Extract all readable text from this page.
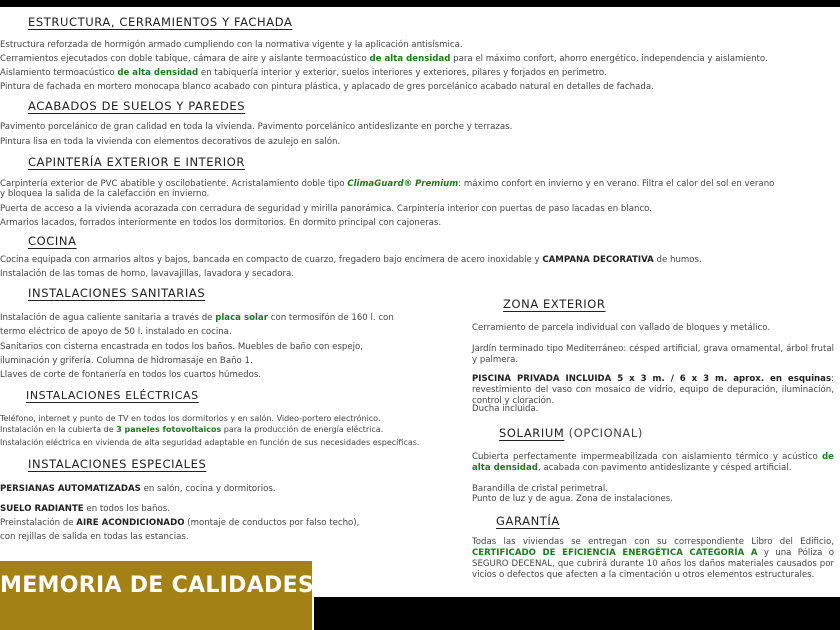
ESTRUCTURA, CERRAMIENTOS Y FACHADA
Estructura reforzada de hormigón armado cumpliendo con la normativa vigente y la aplicación antisísmica.
Cerramientos ejecutados con doble tabique, cámara de aire y aislante termoacústico de alta densidad para el máximo confort, ahorro energético, independencia y aislamiento.
Aislamiento termoacústico de alta densidad en tabiquería interior y exterior, suelos interiores y exteriores, pilares y forjados en perímetro.
Pintura de fachada en mortero monocapa blanco acabado con pintura plástica, y aplacado de gres porcelánico acabado natural en detalles de fachada.
ACABADOS DE SUELOS Y PAREDES
Pavimento porcelánico de gran calidad en toda la vivienda. Pavimento porcelánico antideslizante en porche y terrazas.
Pintura lisa en toda la vivienda con elementos decorativos de azulejo en salón.
CAPINTERÍA EXTERIOR E INTERIOR
Carpintería exterior de PVC abatible y oscilobatiente. Acristalamiento doble tipo ClimaGuard® Premium: máximo confort en invierno y en verano. Filtra el calor del sol en verano
y bloquea la salida de la calefacción en invierno.
Puerta de acceso a la vivienda acorazada con cerradura de seguridad y mirilla panorámica. Carpintería interior con puertas de paso lacadas en blanco.
Armarios lacados, forrados interiormente en todos los dormitorios. En dormito principal con cajoneras.
COCINA
Cocina equipada con armarios altos y bajos, bancada en compacto de cuarzo, fregadero bajo encimera de acero inoxidable y CAMPANA DECORATIVA de humos.
Instalación de las tomas de horno, lavavajillas, lavadora y secadora.
INSTALACIONES SANITARIAS
Instalación de agua caliente sanitaria a través de placa solar con termosifón de 160 l. con
termo eléctrico de apoyo de 50 l. instalado en cocina.
Sanitarios con cisterna encastrada en todos los baños. Muebles de baño con espejo,
iluminación y grifería. Columna de hidromasaje en Baño 1.
Llaves de corte de fontanería en todos los cuartos húmedos.
INSTALACIONES ELÉCTRICAS
Teléfono, internet y punto de TV en todos los dormitorios y en salón. Video-portero electrónico.
Instalación en la cubierta de 3 paneles fotovoltaicos para la producción de energía eléctrica.
Instalación eléctrica en vivienda de alta seguridad adaptable en función de sus necesidades específicas.
INSTALACIONES ESPECIALES
PERSIANAS AUTOMATIZADAS en salón, cocina y dormitorios.
SUELO RADIANTE en todos los baños.
Preinstalación de AIRE ACONDICIONADO (montaje de conductos por falso techo),
con rejillas de salida en todas las estancias.
ZONA EXTERIOR
Cerramiento de parcela individual con vallado de bloques y metálico.
Jardín terminado tipo Mediterráneo: césped artificial, grava ornamental, árbol frutal y palmera.
PISCINA PRIVADA INCLUIDA 5 x 3 m. / 6 x 3 m. aprox. en esquinas: revestimiento del vaso con mosaico de vidrio, equipo de depuración, iluminación, control y cloración.
Ducha incluida.
SOLARIUM (OPCIONAL)
Cubierta perfectamente impermeabilizada con aislamiento térmico y acústico de alta densidad, acabada con pavimento antideslizante y césped artificial.
Barandilla de cristal perimetral.
Punto de luz y de agua. Zona de instalaciones.
GARANTÍA
Todas las viviendas se entregan con su correspondiente Libro del Edificio, CERTIFICADO DE EFICIENCIA ENERGÉTICA CATEGORÍA A y una Póliza o SEGURO DECENAL, que cubrirá durante 10 años los daños materiales causados por vicios o defectos que afecten a la cimentación u otros elementos estructurales.
MEMORIA DE CALIDADES
